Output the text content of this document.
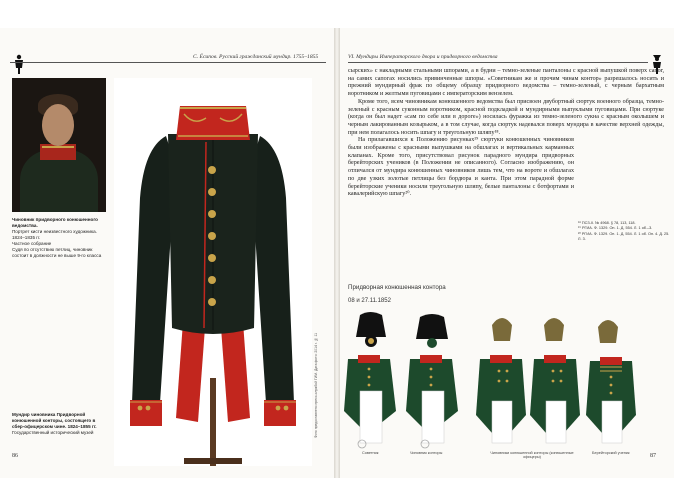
С. Ёсипов. Русский гражданский мундир. 1755–1855
Чиновник придворного конюшенного ведомства.
Портрет кисти неизвестного художника.
1824–1835 гг.
Частное собрание
Судя по отсутствию петлиц, чиновник состоит в должности не выше 9-го класса
Мундир чиновника Придворной конюшенной конторы, состоящего в сбер-офицерском чине. 1824–1855 гг.
Государственный исторический музей	Фото предоставлено пресс-службой ГИМ. Дата фото: 2014 г. № 11
86
VI. Мундиры Императорского двора и придворного ведомства

сырских» с накладными стальными шпорами, а в будни – темно-зеленые панталоны с красной выпушкой поверх сапог, на самих сапогах носились привинченные шпоры. «Советникам же и прочим чинам контор» разрешалось носить и прежний мундирный фрак по общему образцу придворного ведомства – темно-зеленый, с черным бархатным воротником и желтыми пуговицами с императорским вензелем.

Кроме того, всем чиновникам конюшенного ведомства был присвоен двубортный сюртук военного образца, темно-зеленый с красным суконным воротником, красной подкладкой и мундирными выпуклыми пуговицами. При сюртуке (когда он был надет «сам по себе или в дороге») носилась фуражка из темно-зеленого сукна с красным околышем и черным лакированным козырьком, а в том случае, когда сюртук надевался поверх мундира в качестве верхней одежды, при нем полагалось носить шпагу и треугольную шляпу¹⁸.

На прилагавшихся к Положению рисунках¹⁹ сюртуки конюшенных чиновников были изображены с красными выпушками на обшлагах и вертикальных карманных клапанах. Кроме того, присутствовал рисунок парадного мундира придворных берейторских учеников (в Положении не описанного). Согласно изображению, он отличался от мундира конюшенных чиновников лишь тем, что на вороте и обшлагах по две узких золотые петлицы без бордюра и канта. При этом парадной форме берейторские ученики носили треугольную шляпу, белые панталоны с ботфортами и кавалерийскую шпагу²⁰.

¹⁸ ПСЗ-II. № 4968. § 78, 113, 118.
¹⁹ РГИА. Ф. 1329. Оп. 1. Д. 554. Л. 1 об.–3.
²⁰ РГИА. Ф. 1329. Оп. 1. Д. 554. Л. 1 об. Оп. 4. Д. 25. Л. 3.
Придворная конюшенная контора
08 и 27.11.1852
Советник	Чиновник конторы	Чиновники конюшенной конторы (конюшенные офицеры)
Берейторский ученик	87
